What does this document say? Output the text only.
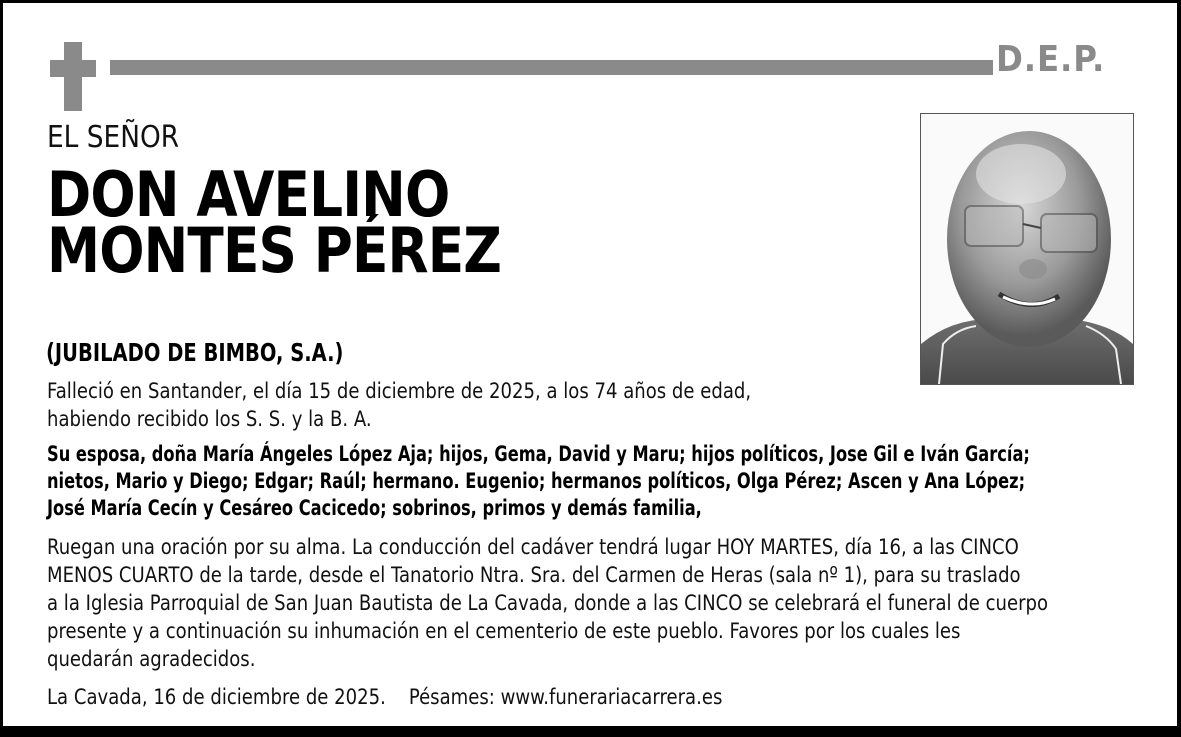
D.E.P.
EL SEÑOR
DON AVELINO
MONTES PÉREZ
(JUBILADO DE BIMBO, S.A.)
Falleció en Santander, el día 15 de diciembre de 2025, a los 74 años de edad,
habiendo recibido los S. S. y la B. A.
Su esposa, doña María Ángeles López Aja; hijos, Gema, David y Maru; hijos políticos, Jose Gil e Iván García;
nietos, Mario y Diego; Edgar; Raúl; hermano. Eugenio; hermanos políticos, Olga Pérez; Ascen y Ana López;
José María Cecín y Cesáreo Cacicedo; sobrinos, primos y demás familia,
Ruegan una oración por su alma. La conducción del cadáver tendrá lugar HOY MARTES, día 16, a las CINCO
MENOS CUARTO de la tarde, desde el Tanatorio Ntra. Sra. del Carmen de Heras (sala nº 1), para su traslado
a la Iglesia Parroquial de San Juan Bautista de La Cavada, donde a las CINCO se celebrará el funeral de cuerpo
presente y a continuación su inhumación en el cementerio de este pueblo. Favores por los cuales les
quedarán agradecidos.
La Cavada, 16 de diciembre de 2025. Pésames: www.funerariacarrera.es
